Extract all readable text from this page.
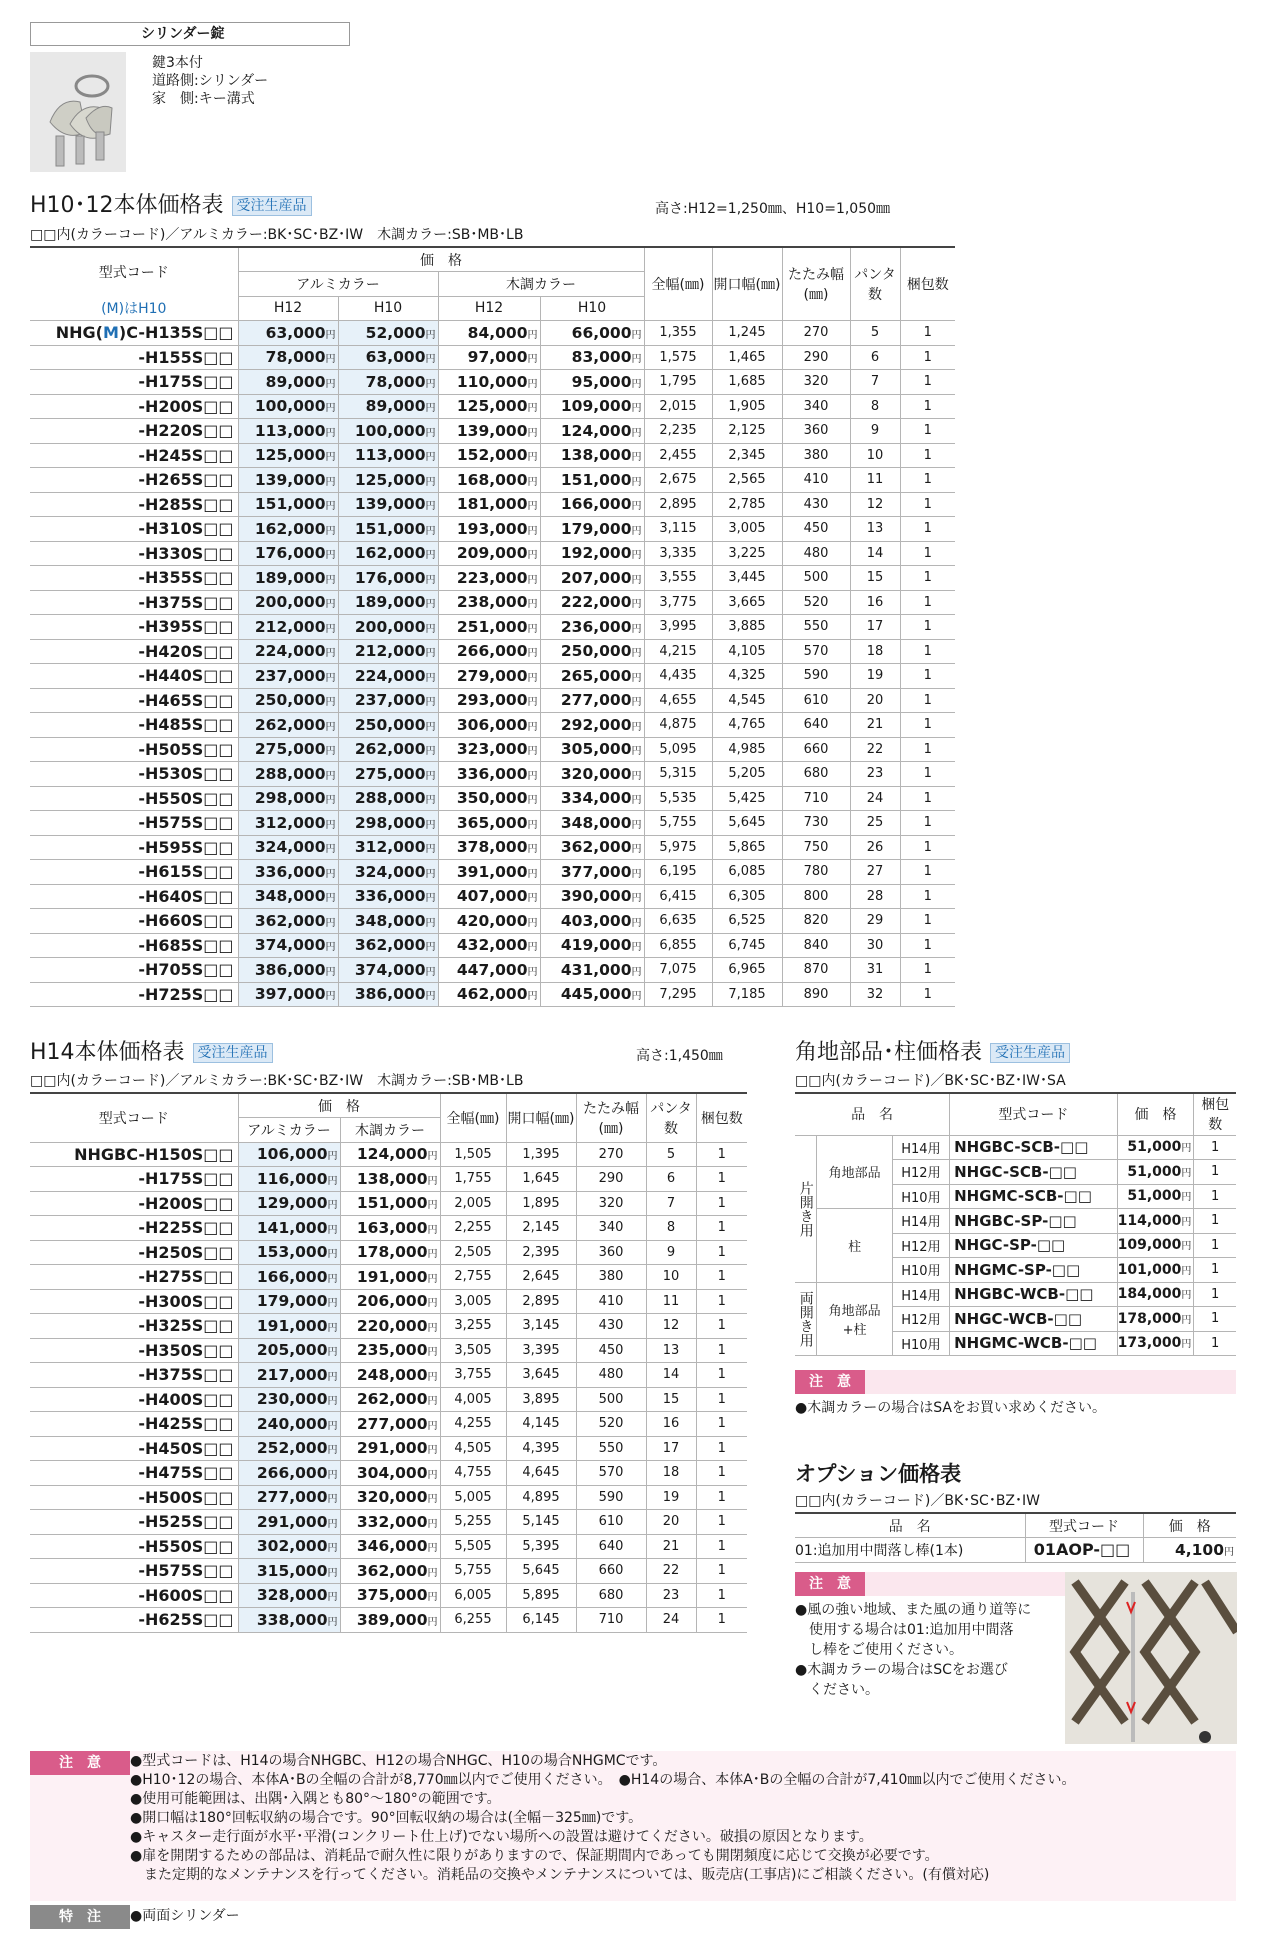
シリンダー錠
鍵3本付
道路側:シリンダー
家　側:キー溝式
H10･12本体価格表 受注生産品	高さ:H12=1,250㎜、H10=1,050㎜
□□内(カラーコード)／アルミカラー:BK･SC･BZ･IW　木調カラー:SB･MB･LB
型式コード	価　格				全幅(㎜)	開口幅(㎜)	たたみ幅(㎜)	パンタ数	梱包数
	アルミカラー		木調カラー						
(M)はH10	H12	H10	H12	H10					
NHG(M)C-H135S□□	63,000円	52,000円	84,000円	66,000円	1,355	1,245	270	5	1
-H155S□□	78,000円	63,000円	97,000円	83,000円	1,575	1,465	290	6	1
-H175S□□	89,000円	78,000円	110,000円	95,000円	1,795	1,685	320	7	1
-H200S□□	100,000円	89,000円	125,000円	109,000円	2,015	1,905	340	8	1
-H220S□□	113,000円	100,000円	139,000円	124,000円	2,235	2,125	360	9	1
-H245S□□	125,000円	113,000円	152,000円	138,000円	2,455	2,345	380	10	1
-H265S□□	139,000円	125,000円	168,000円	151,000円	2,675	2,565	410	11	1
-H285S□□	151,000円	139,000円	181,000円	166,000円	2,895	2,785	430	12	1
-H310S□□	162,000円	151,000円	193,000円	179,000円	3,115	3,005	450	13	1
-H330S□□	176,000円	162,000円	209,000円	192,000円	3,335	3,225	480	14	1
-H355S□□	189,000円	176,000円	223,000円	207,000円	3,555	3,445	500	15	1
-H375S□□	200,000円	189,000円	238,000円	222,000円	3,775	3,665	520	16	1
-H395S□□	212,000円	200,000円	251,000円	236,000円	3,995	3,885	550	17	1
-H420S□□	224,000円	212,000円	266,000円	250,000円	4,215	4,105	570	18	1
-H440S□□	237,000円	224,000円	279,000円	265,000円	4,435	4,325	590	19	1
-H465S□□	250,000円	237,000円	293,000円	277,000円	4,655	4,545	610	20	1
-H485S□□	262,000円	250,000円	306,000円	292,000円	4,875	4,765	640	21	1
-H505S□□	275,000円	262,000円	323,000円	305,000円	5,095	4,985	660	22	1
-H530S□□	288,000円	275,000円	336,000円	320,000円	5,315	5,205	680	23	1
-H550S□□	298,000円	288,000円	350,000円	334,000円	5,535	5,425	710	24	1
-H575S□□	312,000円	298,000円	365,000円	348,000円	5,755	5,645	730	25	1
-H595S□□	324,000円	312,000円	378,000円	362,000円	5,975	5,865	750	26	1
-H615S□□	336,000円	324,000円	391,000円	377,000円	6,195	6,085	780	27	1
-H640S□□	348,000円	336,000円	407,000円	390,000円	6,415	6,305	800	28	1
-H660S□□	362,000円	348,000円	420,000円	403,000円	6,635	6,525	820	29	1
-H685S□□	374,000円	362,000円	432,000円	419,000円	6,855	6,745	840	30	1
-H705S□□	386,000円	374,000円	447,000円	431,000円	7,075	6,965	870	31	1
-H725S□□	397,000円	386,000円	462,000円	445,000円	7,295	7,185	890	32	1
H14本体価格表 受注生産品	高さ:1,450㎜
□□内(カラーコード)／アルミカラー:BK･SC･BZ･IW　木調カラー:SB･MB･LB
型式コード	価　格		全幅(㎜)	開口幅(㎜)	たたみ幅(㎜)	パンタ数	梱包数
	アルミカラー	木調カラー					
NHGBC-H150S□□	106,000円	124,000円	1,505	1,395	270	5	1
-H175S□□	116,000円	138,000円	1,755	1,645	290	6	1
-H200S□□	129,000円	151,000円	2,005	1,895	320	7	1
-H225S□□	141,000円	163,000円	2,255	2,145	340	8	1
-H250S□□	153,000円	178,000円	2,505	2,395	360	9	1
-H275S□□	166,000円	191,000円	2,755	2,645	380	10	1
-H300S□□	179,000円	206,000円	3,005	2,895	410	11	1
-H325S□□	191,000円	220,000円	3,255	3,145	430	12	1
-H350S□□	205,000円	235,000円	3,505	3,395	450	13	1
-H375S□□	217,000円	248,000円	3,755	3,645	480	14	1
-H400S□□	230,000円	262,000円	4,005	3,895	500	15	1
-H425S□□	240,000円	277,000円	4,255	4,145	520	16	1
-H450S□□	252,000円	291,000円	4,505	4,395	550	17	1
-H475S□□	266,000円	304,000円	4,755	4,645	570	18	1
-H500S□□	277,000円	320,000円	5,005	4,895	590	19	1
-H525S□□	291,000円	332,000円	5,255	5,145	610	20	1
-H550S□□	302,000円	346,000円	5,505	5,395	640	21	1
-H575S□□	315,000円	362,000円	5,755	5,645	660	22	1
-H600S□□	328,000円	375,000円	6,005	5,895	680	23	1
-H625S□□	338,000円	389,000円	6,255	6,145	710	24	1
角地部品･柱価格表 受注生産品
□□内(カラーコード)／BK･SC･BZ･IW･SA
品　名			型式コード	価　格	梱包数
片開き用	角地部品	H14用	NHGBC-SCB-□□	51,000円	1
		H12用	NHGC-SCB-□□	51,000円	1
		H10用	NHGMC-SCB-□□	51,000円	1
	柱	H14用	NHGBC-SP-□□	114,000円	1
		H12用	NHGC-SP-□□	109,000円	1
		H10用	NHGMC-SP-□□	101,000円	1
両開き用	角地部品+柱	H14用	NHGBC-WCB-□□	184,000円	1
		H12用	NHGC-WCB-□□	178,000円	1
		H10用	NHGMC-WCB-□□	173,000円	1
注　意
●木調カラーの場合はSAをお買い求めください。
オプション価格表
□□内(カラーコード)／BK･SC･BZ･IW
品　名	型式コード	価　格
01:追加用中間落し棒(1本)	01AOP-□□	4,100円
注　意
●風の強い地域、また風の通り道等に
　使用する場合は01:追加用中間落
　し棒をご使用ください。
●木調カラーの場合はSCをお選び
　ください。
注　意	●型式コードは、H14の場合NHGBC、H12の場合NHGC、H10の場合NHGMCです。
●H10･12の場合、本体A･Bの全幅の合計が8,770㎜以内でご使用ください。　●H14の場合、本体A･Bの全幅の合計が7,410㎜以内でご使用ください。
●使用可能範囲は、出隅･入隅とも80°～180°の範囲です。
●開口幅は180°回転収納の場合です。90°回転収納の場合は(全幅－325㎜)です。
●キャスター走行面が水平･平滑(コンクリート仕上げ)でない場所への設置は避けてください。破損の原因となります。
●扉を開閉するための部品は、消耗品で耐久性に限りがありますので、保証期間内であっても開閉頻度に応じて交換が必要です。
　また定期的なメンテナンスを行ってください。消耗品の交換やメンテナンスについては、販売店(工事店)にご相談ください。(有償対応)
特　注	●両面シリンダー
